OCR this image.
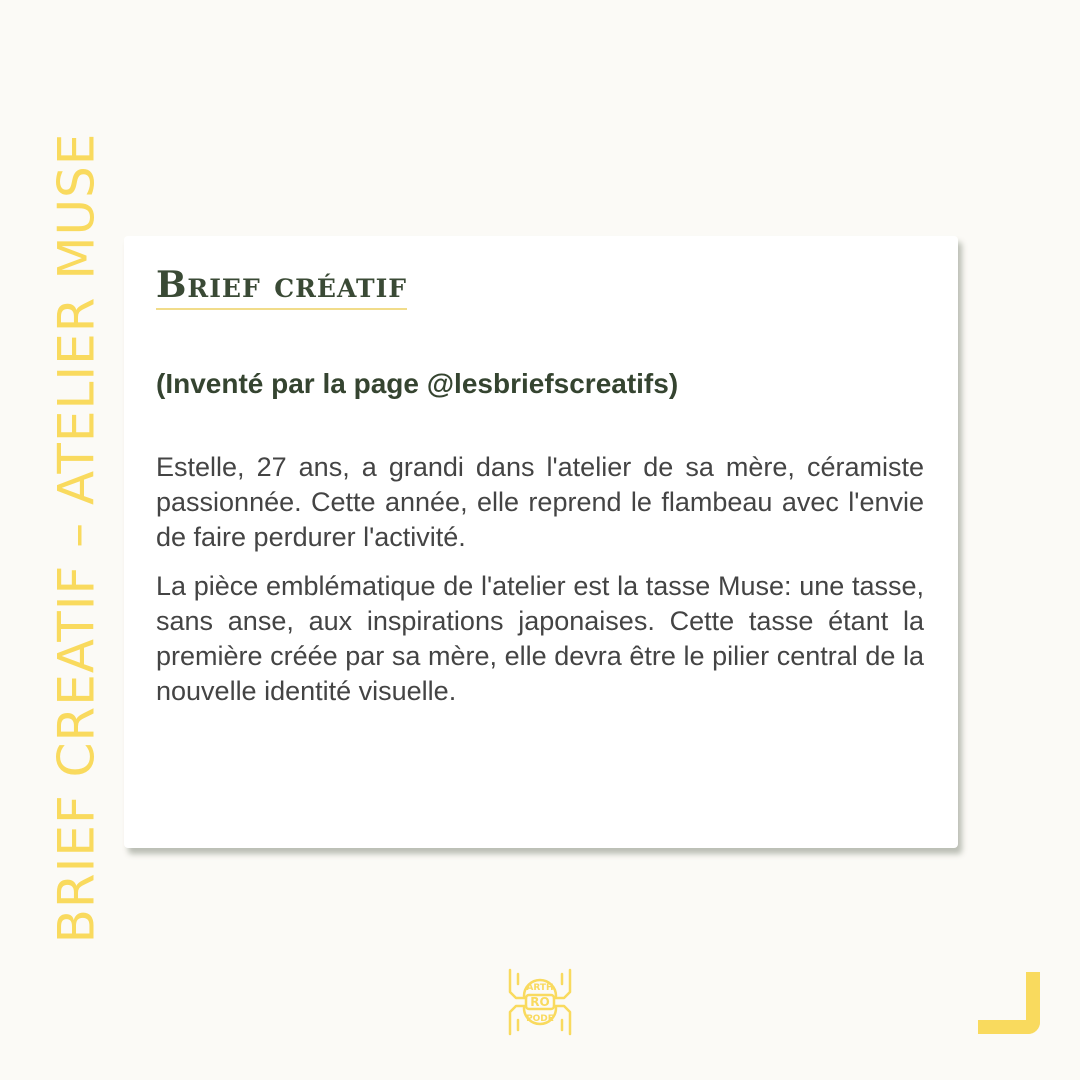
BRIEF CREATIF – ATELIER MUSE	Brief créatif
(Inventé par la page @lesbriefscreatifs)

Estelle, 27 ans, a grandi dans l'atelier de sa mère, céramiste passionnée. Cette année, elle reprend le flambeau avec l'envie de faire perdurer l'activité.

La pièce emblématique de l'atelier est la tasse Muse: une tasse, sans anse, aux inspirations japonaises. Cette tasse étant la première créée par sa mère, elle devra être le pilier central de la nouvelle identité visuelle.

ARTH
RO
PODE
